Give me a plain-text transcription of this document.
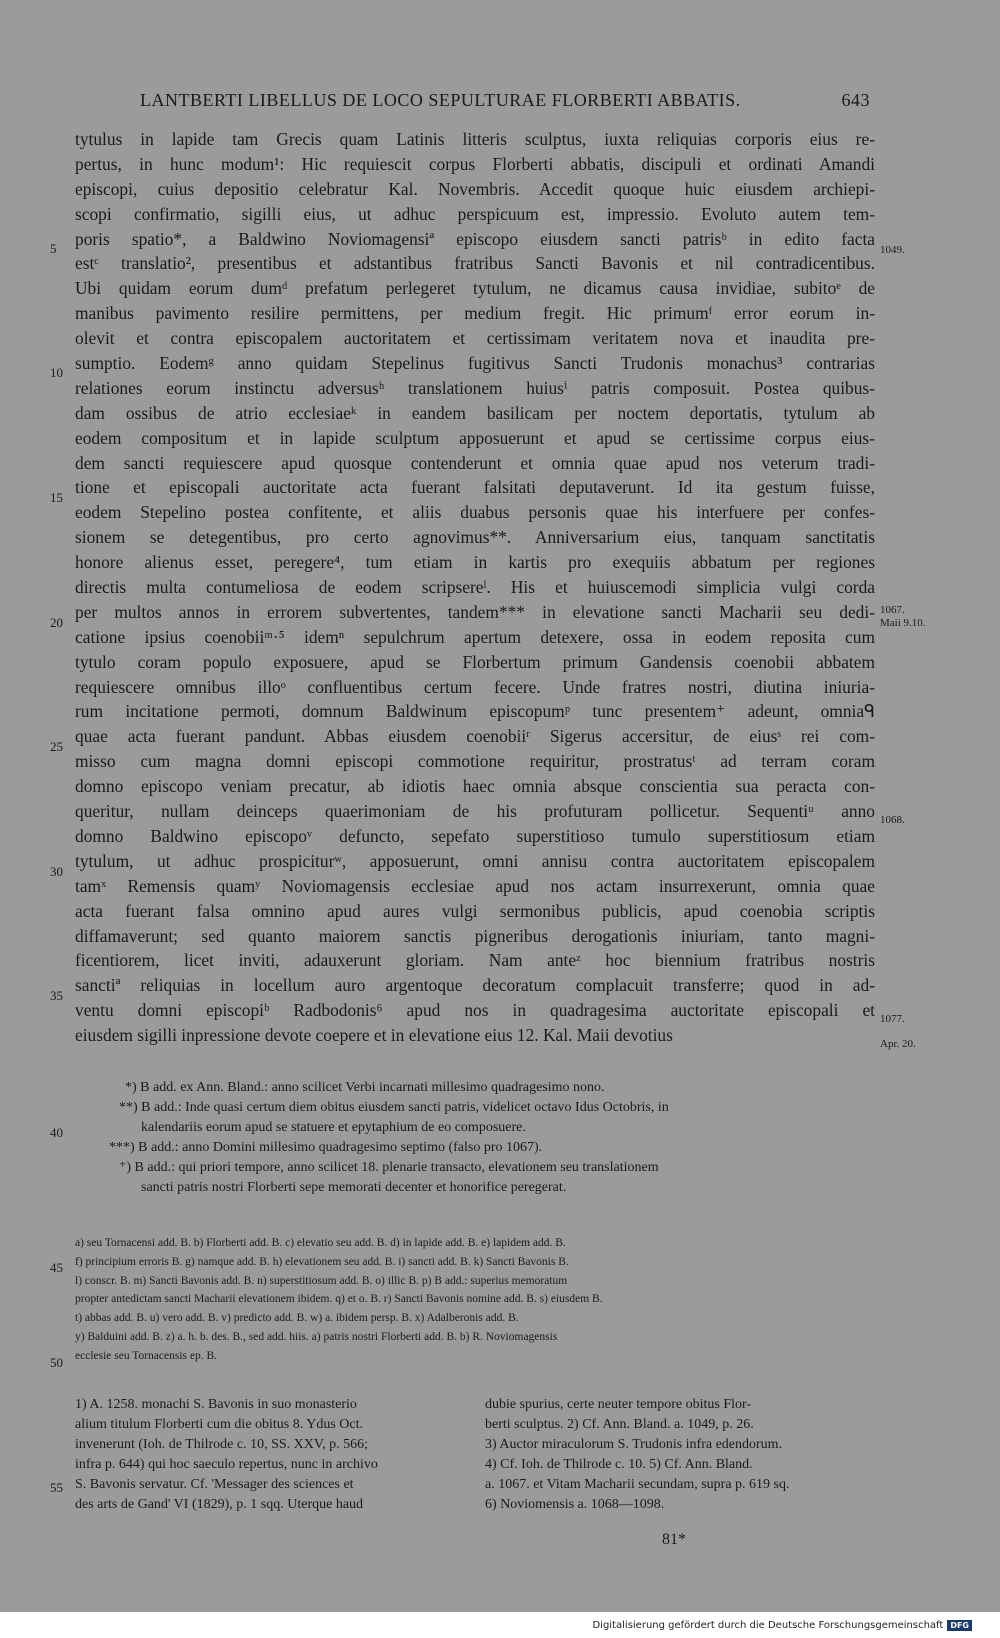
LANTBERTI LIBELLUS DE LOCO SEPULTURAE FLORBERTI ABBATIS.	643
tytulus in lapide tam Grecis quam Latinis litteris sculptus, iuxta reliquias corporis eius re-
pertus, in hunc modum¹: Hic requiescit corpus Florberti abbatis, discipuli et ordinati Amandi
episcopi, cuius depositio celebratur Kal. Novembris. Accedit quoque huic eiusdem archiepi-
scopi confirmatio, sigilli eius, ut adhuc perspicuum est, impressio. Evoluto autem tem-
poris spatio*, a Baldwino Noviomagensiª episcopo eiusdem sancti patrisᵇ in edito facta
estᶜ translatio², presentibus et adstantibus fratribus Sancti Bavonis et nil contradicentibus.
Ubi quidam eorum dumᵈ prefatum perlegeret tytulum, ne dicamus causa invidiae, subitoᵉ de
manibus pavimento resilire permittens, per medium fregit. Hic primumᶠ error eorum in-
olevit et contra episcopalem auctoritatem et certissimam veritatem nova et inaudita pre-
sumptio. Eodemᵍ anno quidam Stepelinus fugitivus Sancti Trudonis monachus³ contrarias
relationes eorum instinctu adversusʰ translationem huiusⁱ patris composuit. Postea quibus-
dam ossibus de atrio ecclesiaeᵏ in eandem basilicam per noctem deportatis, tytulum ab
eodem compositum et in lapide sculptum apposuerunt et apud se certissime corpus eius-
dem sancti requiescere apud quosque contenderunt et omnia quae apud nos veterum tradi-
tione et episcopali auctoritate acta fuerant falsitati deputaverunt. Id ita gestum fuisse,
eodem Stepelino postea confitente, et aliis duabus personis quae his interfuere per confes-
sionem se detegentibus, pro certo agnovimus**. Anniversarium eius, tanquam sanctitatis
honore alienus esset, peregere⁴, tum etiam in kartis pro exequiis abbatum per regiones
directis multa contumeliosa de eodem scripsereˡ. His et huiuscemodi simplicia vulgi corda
per multos annos in errorem subvertentes, tandem*** in elevatione sancti Macharii seu dedi-
catione ipsius coenobiiᵐ·⁵ idemⁿ sepulchrum apertum detexere, ossa in eodem reposita cum
tytulo coram populo exposuere, apud se Florbertum primum Gandensis coenobii abbatem
requiescere omnibus illoᵒ confluentibus certum fecere. Unde fratres nostri, diutina iniuria-
rum incitatione permoti, domnum Baldwinum episcopumᵖ tunc presentem⁺ adeunt, omniaᑫ
quae acta fuerant pandunt. Abbas eiusdem coenobiiʳ Sigerus accersitur, de eiusˢ rei com-
misso cum magna domni episcopi commotione requiritur, prostratusᵗ ad terram coram
domno episcopo veniam precatur, ab idiotis haec omnia absque conscientia sua peracta con-
queritur, nullam deinceps quaerimoniam de his profuturam pollicetur. Sequentiᵘ anno
domno Baldwino episcopoᵛ defuncto, sepefato superstitioso tumulo superstitiosum etiam
tytulum, ut adhuc prospiciturʷ, apposuerunt, omni annisu contra auctoritatem episcopalem
tamˣ Remensis quamʸ Noviomagensis ecclesiae apud nos actam insurrexerunt, omnia quae
acta fuerant falsa omnino apud aures vulgi sermonibus publicis, apud coenobia scriptis
diffamaverunt; sed quanto maiorem sanctis pigneribus derogationis iniuriam, tanto magni-
ficentiorem, licet inviti, adauxerunt gloriam. Nam anteᶻ hoc biennium fratribus nostris
sanctiª reliquias in locellum auro argentoque decoratum complacuit transferre; quod in ad-
ventu domni episcopiᵇ Radbodonis⁶ apud nos in quadragesima auctoritate episcopali et
eiusdem sigilli inpressione devote coepere et in elevatione eius 12. Kal. Maii devotius
5
10
15
20
25
30
35
40
45
50
55
1049.
1067.
Maii 9.10.
1068.
1077.
Apr. 20.
*) B add. ex Ann. Bland.: anno scilicet Verbi incarnati millesimo quadragesimo nono.
**) B add.: Inde quasi certum diem obitus eiusdem sancti patris, videlicet octavo Idus Octobris, in
kalendariis eorum apud se statuere et epytaphium de eo composuere.
***) B add.: anno Domini millesimo quadragesimo septimo (falso pro 1067).
⁺) B add.: qui priori tempore, anno scilicet 18. plenarie transacto, elevationem seu translationem
sancti patris nostri Florberti sepe memorati decenter et honorifice peregerat.
a) seu Tornacensi add. B. b) Florberti add. B. c) elevatio seu add. B. d) in lapide add. B. e) lapidem add. B.
f) principium erroris B. g) namque add. B. h) elevationem seu add. B. i) sancti add. B. k) Sancti Bavonis B.
l) conscr. B. m) Sancti Bavonis add. B. n) superstitiosum add. B. o) illic B. p) B add.: superius memoratum
propter antedictam sancti Macharii elevationem ibidem. q) et o. B. r) Sancti Bavonis nomine add. B. s) eiusdem B.
t) abbas add. B. u) vero add. B. v) predicto add. B. w) a. ibidem persp. B. x) Adalberonis add. B.
y) Balduini add. B. z) a. h. b. des. B., sed add. hiis. a) patris nostri Florberti add. B. b) R. Noviomagensis
ecclesie seu Tornacensis ep. B.
1) A. 1258. monachi S. Bavonis in suo monasterio
alium titulum Florberti cum die obitus 8. Ydus Oct.
invenerunt (Ioh. de Thilrode c. 10, SS. XXV, p. 566;
infra p. 644) qui hoc saeculo repertus, nunc in archivo
S. Bavonis servatur. Cf. 'Messager des sciences et
des arts de Gand' VI (1829), p. 1 sqq. Uterque haud
dubie spurius, certe neuter tempore obitus Flor-
berti sculptus. 2) Cf. Ann. Bland. a. 1049, p. 26.
3) Auctor miraculorum S. Trudonis infra edendorum.
4) Cf. Ioh. de Thilrode c. 10. 5) Cf. Ann. Bland.
a. 1067. et Vitam Macharii secundam, supra p. 619 sq.
6) Noviomensis a. 1068—1098.
81*
Digitalisierung gefördert durch die Deutsche Forschungsgemeinschaft DFG
